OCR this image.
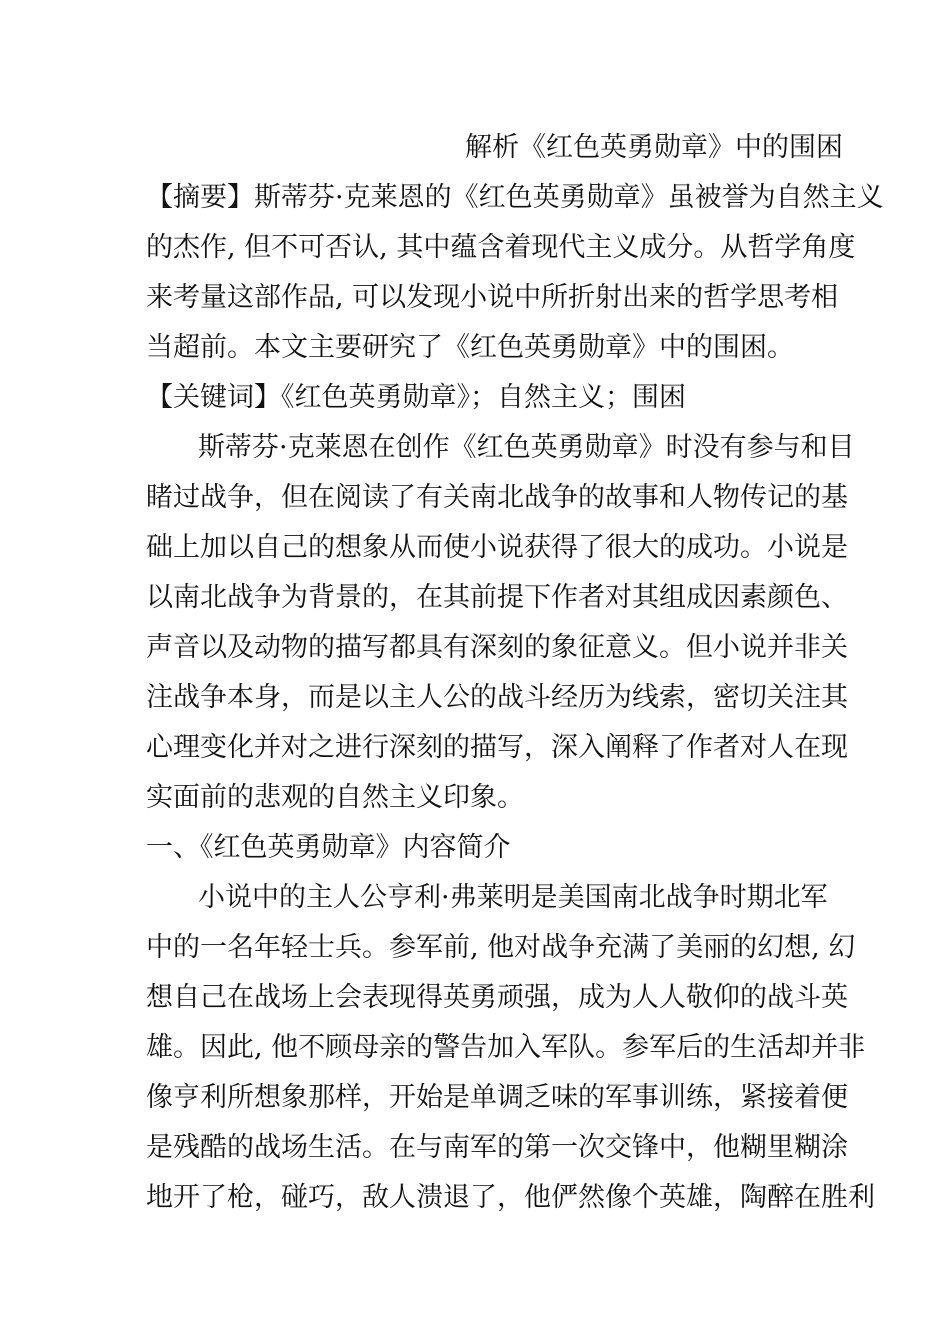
解析《红色英勇勋章》中的围困
【摘要】斯蒂芬·克莱恩的《红色英勇勋章》虽被誉为自然主义
的杰作, 但不可否认, 其中蕴含着现代主义成分。从哲学角度
来考量这部作品, 可以发现小说中所折射出来的哲学思考相
当超前。本文主要研究了《红色英勇勋章》中的围困。
【关键词】《红色英勇勋章》；自然主义；围困
斯蒂芬·克莱恩在创作《红色英勇勋章》时没有参与和目
睹过战争，但在阅读了有关南北战争的故事和人物传记的基
础上加以自己的想象从而使小说获得了很大的成功。小说是
以南北战争为背景的，在其前提下作者对其组成因素颜色、
声音以及动物的描写都具有深刻的象征意义。但小说并非关
注战争本身，而是以主人公的战斗经历为线索，密切关注其
心理变化并对之进行深刻的描写，深入阐释了作者对人在现
实面前的悲观的自然主义印象。
一、《红色英勇勋章》内容简介
小说中的主人公亨利·弗莱明是美国南北战争时期北军
中的一名年轻士兵。参军前, 他对战争充满了美丽的幻想, 幻
想自己在战场上会表现得英勇顽强，成为人人敬仰的战斗英
雄。因此, 他不顾母亲的警告加入军队。参军后的生活却并非
像亨利所想象那样，开始是单调乏味的军事训练，紧接着便
是残酷的战场生活。在与南军的第一次交锋中，他糊里糊涂
地开了枪，碰巧，敌人溃退了，他俨然像个英雄，陶醉在胜利
